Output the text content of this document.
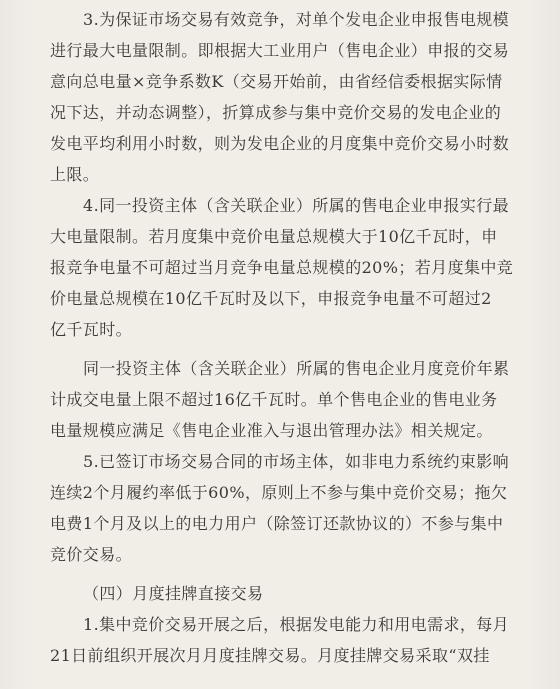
3.为保证市场交易有效竞争，对单个发电企业申报售电规模
进行最大电量限制。即根据大工业用户（售电企业）申报的交易
意向总电量×竞争系数K（交易开始前，由省经信委根据实际情
况下达，并动态调整），折算成参与集中竞价交易的发电企业的
发电平均利用小时数，则为发电企业的月度集中竞价交易小时数
上限。
4.同一投资主体（含关联企业）所属的售电企业申报实行最
大电量限制。若月度集中竞价电量总规模大于10亿千瓦时，申
报竞争电量不可超过当月竞争电量总规模的20%；若月度集中竞
价电量总规模在10亿千瓦时及以下，申报竞争电量不可超过2
亿千瓦时。
同一投资主体（含关联企业）所属的售电企业月度竞价年累
计成交电量上限不超过16亿千瓦时。单个售电企业的售电业务
电量规模应满足《售电企业准入与退出管理办法》相关规定。
5.已签订市场交易合同的市场主体，如非电力系统约束影响
连续2个月履约率低于60%，原则上不参与集中竞价交易；拖欠
电费1个月及以上的电力用户（除签订还款协议的）不参与集中
竞价交易。
（四）月度挂牌直接交易
1.集中竞价交易开展之后，根据发电能力和用电需求，每月
21日前组织开展次月月度挂牌交易。月度挂牌交易采取“双挂
